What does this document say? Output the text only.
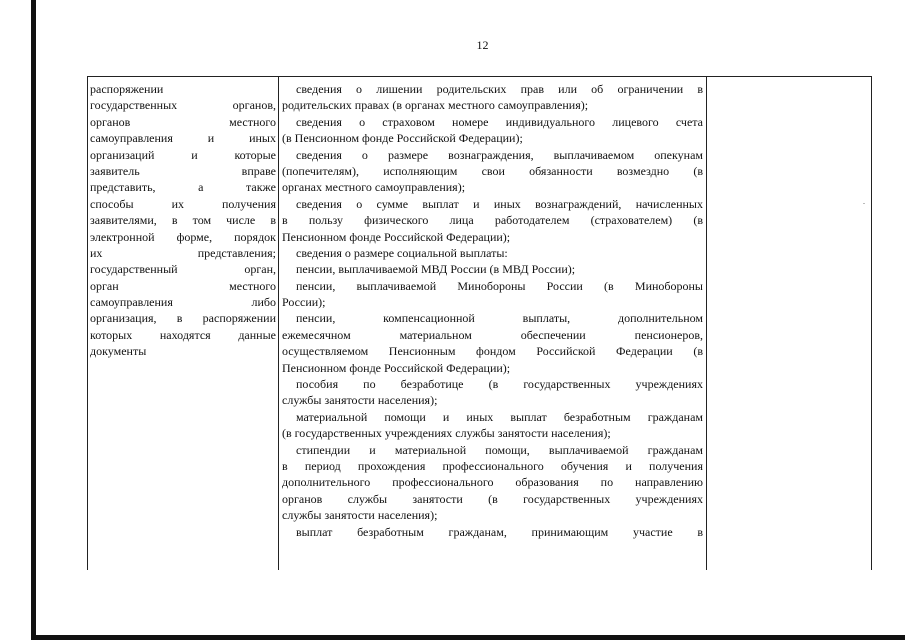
12
распоряжении
государственных органов,
органов местного
самоуправления и иных
организаций и которые
заявитель вправе
представить, а также
способы их получения
заявителями, в том числе в
электронной форме, порядок
их представления;
государственный орган,
орган местного
самоуправления либо
организация, в распоряжении
которых находятся данные
документы
сведения о лишении родительских прав или об ограничении в
родительских правах (в органах местного самоуправления);
сведения о страховом номере индивидуального лицевого счета
(в Пенсионном фонде Российской Федерации);
сведения о размере вознаграждения, выплачиваемом опекунам
(попечителям), исполняющим свои обязанности возмездно (в
органах местного самоуправления);
сведения о сумме выплат и иных вознаграждений, начисленных
в пользу физического лица работодателем (страхователем) (в
Пенсионном фонде Российской Федерации);
сведения о размере социальной выплаты:
пенсии, выплачиваемой МВД России (в МВД России);
пенсии, выплачиваемой Минобороны России (в Минобороны
России);
пенсии, компенсационной выплаты, дополнительном
ежемесячном материальном обеспечении пенсионеров,
осуществляемом Пенсионным фондом Российской Федерации (в
Пенсионном фонде Российской Федерации);
пособия по безработице (в государственных учреждениях
службы занятости населения);
материальной помощи и иных выплат безработным гражданам
(в государственных учреждениях службы занятости населения);
стипендии и материальной помощи, выплачиваемой гражданам
в период прохождения профессионального обучения и получения
дополнительного профессионального образования по направлению
органов службы занятости (в государственных учреждениях
службы занятости населения);
выплат безработным гражданам, принимающим участие в
